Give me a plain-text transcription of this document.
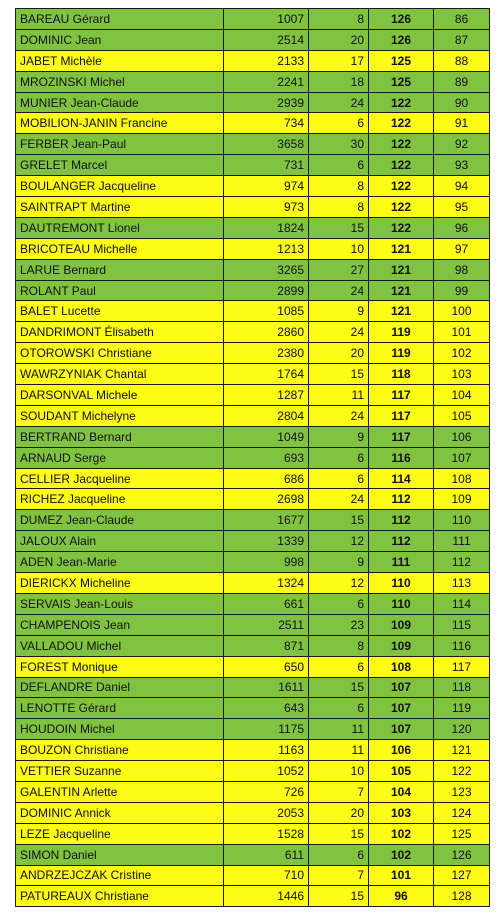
BAREAU Gérard	1007	8	126	86
DOMINIC Jean	2514	20	126	87
JABET Michèle	2133	17	125	88
MROZINSKI Michel	2241	18	125	89
MUNIER Jean-Claude	2939	24	122	90
MOBILION-JANIN Francine	734	6	122	91
FERBER Jean-Paul	3658	30	122	92
GRELET Marcel	731	6	122	93
BOULANGER Jacqueline	974	8	122	94
SAINTRAPT Martine	973	8	122	95
DAUTREMONT Lionel	1824	15	122	96
BRICOTEAU Michelle	1213	10	121	97
LARUE Bernard	3265	27	121	98
ROLANT Paul	2899	24	121	99
BALET Lucette	1085	9	121	100
DANDRIMONT Élisabeth	2860	24	119	101
OTOROWSKI Christiane	2380	20	119	102
WAWRZYNIAK Chantal	1764	15	118	103
DARSONVAL Michele	1287	11	117	104
SOUDANT Michelyne	2804	24	117	105
BERTRAND Bernard	1049	9	117	106
ARNAUD Serge	693	6	116	107
CELLIER Jacqueline	686	6	114	108
RICHEZ Jacqueline	2698	24	112	109
DUMEZ Jean-Claude	1677	15	112	110
JALOUX Alain	1339	12	112	111
ADEN Jean-Marie	998	9	111	112
DIERICKX Micheline	1324	12	110	113
SERVAIS Jean-Louis	661	6	110	114
CHAMPENOIS Jean	2511	23	109	115
VALLADOU Michel	871	8	109	116
FOREST Monique	650	6	108	117
DEFLANDRE Daniel	1611	15	107	118
LENOTTE Gérard	643	6	107	119
HOUDOIN Michel	1175	11	107	120
BOUZON Christiane	1163	11	106	121
VETTIER Suzanne	1052	10	105	122
GALENTIN Arlette	726	7	104	123
DOMINIC Annick	2053	20	103	124
LEZE Jacqueline	1528	15	102	125
SIMON Daniel	611	6	102	126
ANDRZEJCZAK Cristine	710	7	101	127
PATUREAUX Christiane	1446	15	96	128
